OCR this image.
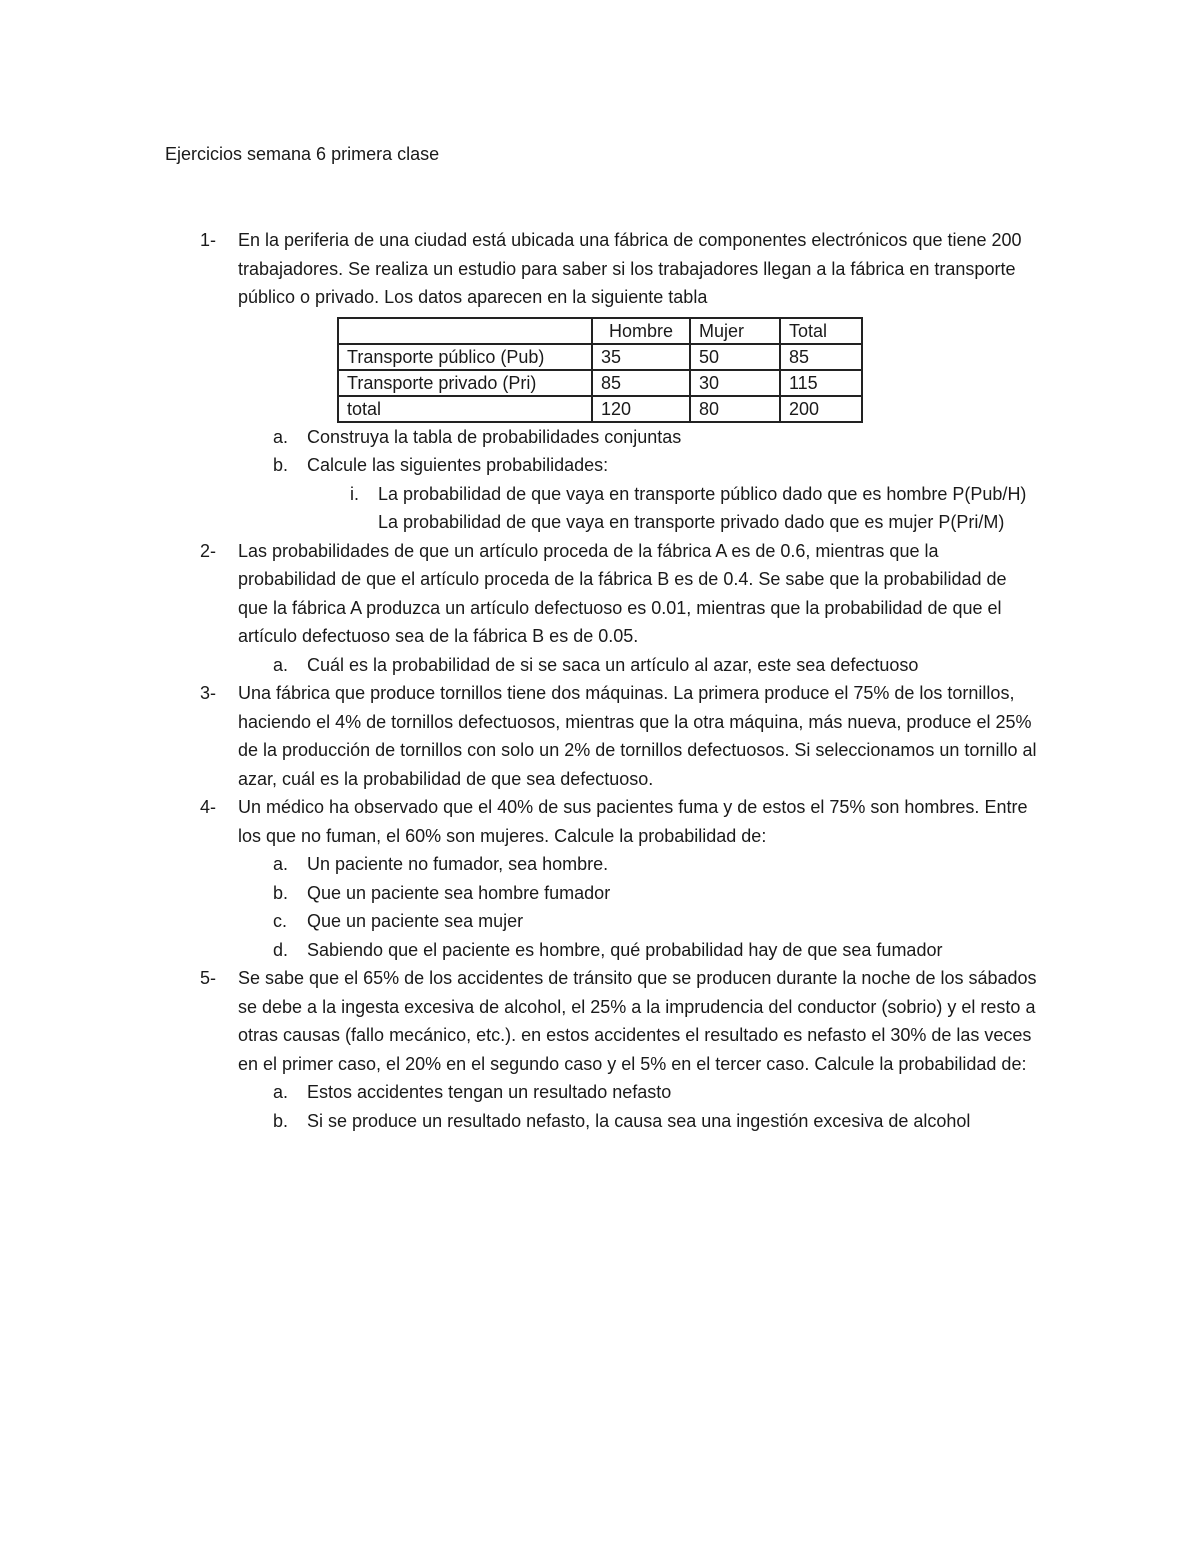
Ejercicios semana 6 primera clase
1-	En la periferia de una ciudad está ubicada una fábrica de componentes electrónicos que tiene 200 trabajadores. Se realiza un estudio para saber si los trabajadores llegan a la fábrica en transporte público o privado. Los datos aparecen en la siguiente tabla
	Hombre	Mujer	Total
Transporte público (Pub)	35	50	85
Transporte privado (Pri)	85	30	115
total	120	80	200
a. Construya la tabla de probabilidades conjuntas
b. Calcule las siguientes probabilidades:
i. La probabilidad de que vaya en transporte público dado que es hombre P(Pub/H) La probabilidad de que vaya en transporte privado dado que es mujer P(Pri/M)
2-	Las probabilidades de que un artículo proceda de la fábrica A es de 0.6, mientras que la probabilidad de que el artículo proceda de la fábrica B es de 0.4. Se sabe que la probabilidad de que la fábrica A produzca un artículo defectuoso es 0.01, mientras que la probabilidad de que el artículo defectuoso sea de la fábrica B es de 0.05.
a. Cuál es la probabilidad de si se saca un artículo al azar, este sea defectuoso
3-	Una fábrica que produce tornillos tiene dos máquinas. La primera produce el 75% de los tornillos, haciendo el 4% de tornillos defectuosos, mientras que la otra máquina, más nueva, produce el 25% de la producción de tornillos con solo un 2% de tornillos defectuosos. Si seleccionamos un tornillo al azar, cuál es la probabilidad de que sea defectuoso.
4-	Un médico ha observado que el 40% de sus pacientes fuma y de estos el 75% son hombres. Entre los que no fuman, el 60% son mujeres. Calcule la probabilidad de:
a. Un paciente no fumador, sea hombre.
b. Que un paciente sea hombre fumador
c. Que un paciente sea mujer
d. Sabiendo que el paciente es hombre, qué probabilidad hay de que sea fumador
5-	Se sabe que el 65% de los accidentes de tránsito que se producen durante la noche de los sábados se debe a la ingesta excesiva de alcohol, el 25% a la imprudencia del conductor (sobrio) y el resto a otras causas (fallo mecánico, etc.). en estos accidentes el resultado es nefasto el 30% de las veces en el primer caso, el 20% en el segundo caso y el 5% en el tercer caso. Calcule la probabilidad de:
a. Estos accidentes tengan un resultado nefasto
b. Si se produce un resultado nefasto, la causa sea una ingestión excesiva de alcohol
